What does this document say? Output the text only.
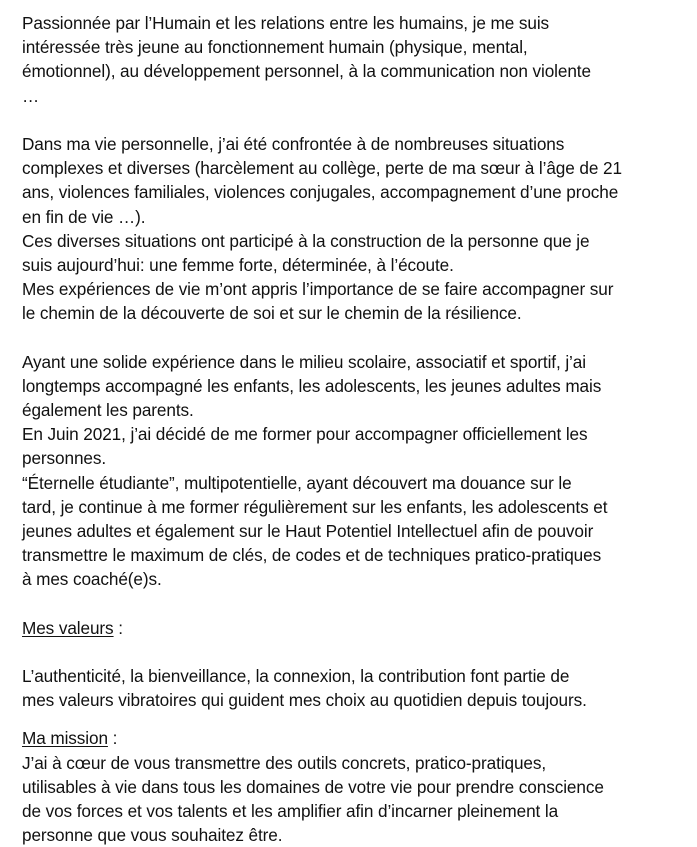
Passionnée par l’Humain et les relations entre les humains, je me suis
intéressée très jeune au fonctionnement humain (physique, mental,
émotionnel), au développement personnel, à la communication non violente
…
Dans ma vie personnelle, j’ai été confrontée à de nombreuses situations
complexes et diverses (harcèlement au collège, perte de ma sœur à l’âge de 21
ans, violences familiales, violences conjugales, accompagnement d’une proche
en fin de vie …).
Ces diverses situations ont participé à la construction de la personne que je
suis aujourd’hui: une femme forte, déterminée, à l’écoute.
Mes expériences de vie m’ont appris l’importance de se faire accompagner sur
le chemin de la découverte de soi et sur le chemin de la résilience.
Ayant une solide expérience dans le milieu scolaire, associatif et sportif, j’ai
longtemps accompagné les enfants, les adolescents, les jeunes adultes mais
également les parents.
En Juin 2021, j’ai décidé de me former pour accompagner officiellement les
personnes.
“Éternelle étudiante”, multipotentielle, ayant découvert ma douance sur le
tard, je continue à me former régulièrement sur les enfants, les adolescents et
jeunes adultes et également sur le Haut Potentiel Intellectuel afin de pouvoir
transmettre le maximum de clés, de codes et de techniques pratico-pratiques
à mes coaché(e)s.
Mes valeurs :
L’authenticité, la bienveillance, la connexion, la contribution font partie de
mes valeurs vibratoires qui guident mes choix au quotidien depuis toujours.
Ma mission :
J’ai à cœur de vous transmettre des outils concrets, pratico-pratiques,
utilisables à vie dans tous les domaines de votre vie pour prendre conscience
de vos forces et vos talents et les amplifier afin d’incarner pleinement la
personne que vous souhaitez être.
